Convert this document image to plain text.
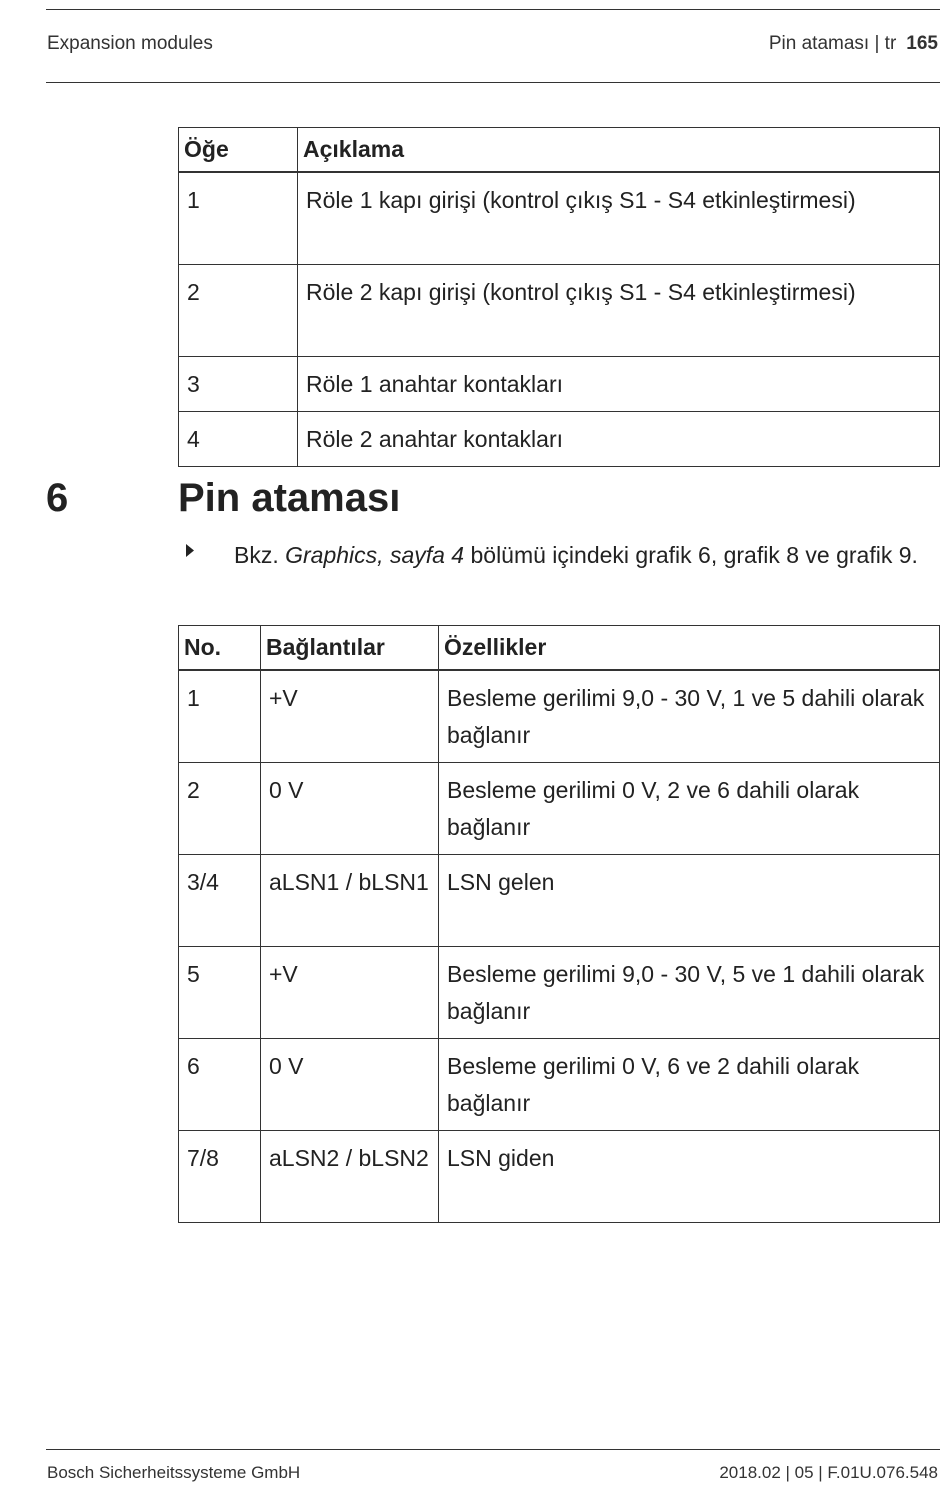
Expansion modules	Pin ataması | tr 165
Öğe	Açıklama
1	Röle 1 kapı girişi (kontrol çıkış S1 - S4 etkinleştirmesi)
2	Röle 2 kapı girişi (kontrol çıkış S1 - S4 etkinleştirmesi)
3	Röle 1 anahtar kontakları
4	Röle 2 anahtar kontakları
6	Pin ataması
Bkz. Graphics, sayfa 4 bölümü içindeki grafik 6, grafik 8 ve grafik 9.
No.	Bağlantılar	Özellikler
1	+V	Besleme gerilimi 9,0 - 30 V, 1 ve 5 dahili olarak bağlanır
2	0 V	Besleme gerilimi 0 V, 2 ve 6 dahili olarak bağlanır
3/4	aLSN1 / bLSN1	LSN gelen
5	+V	Besleme gerilimi 9,0 - 30 V, 5 ve 1 dahili olarak bağlanır
6	0 V	Besleme gerilimi 0 V, 6 ve 2 dahili olarak bağlanır
7/8	aLSN2 / bLSN2	LSN giden
Bosch Sicherheitssysteme GmbH	2018.02 | 05 | F.01U.076.548
